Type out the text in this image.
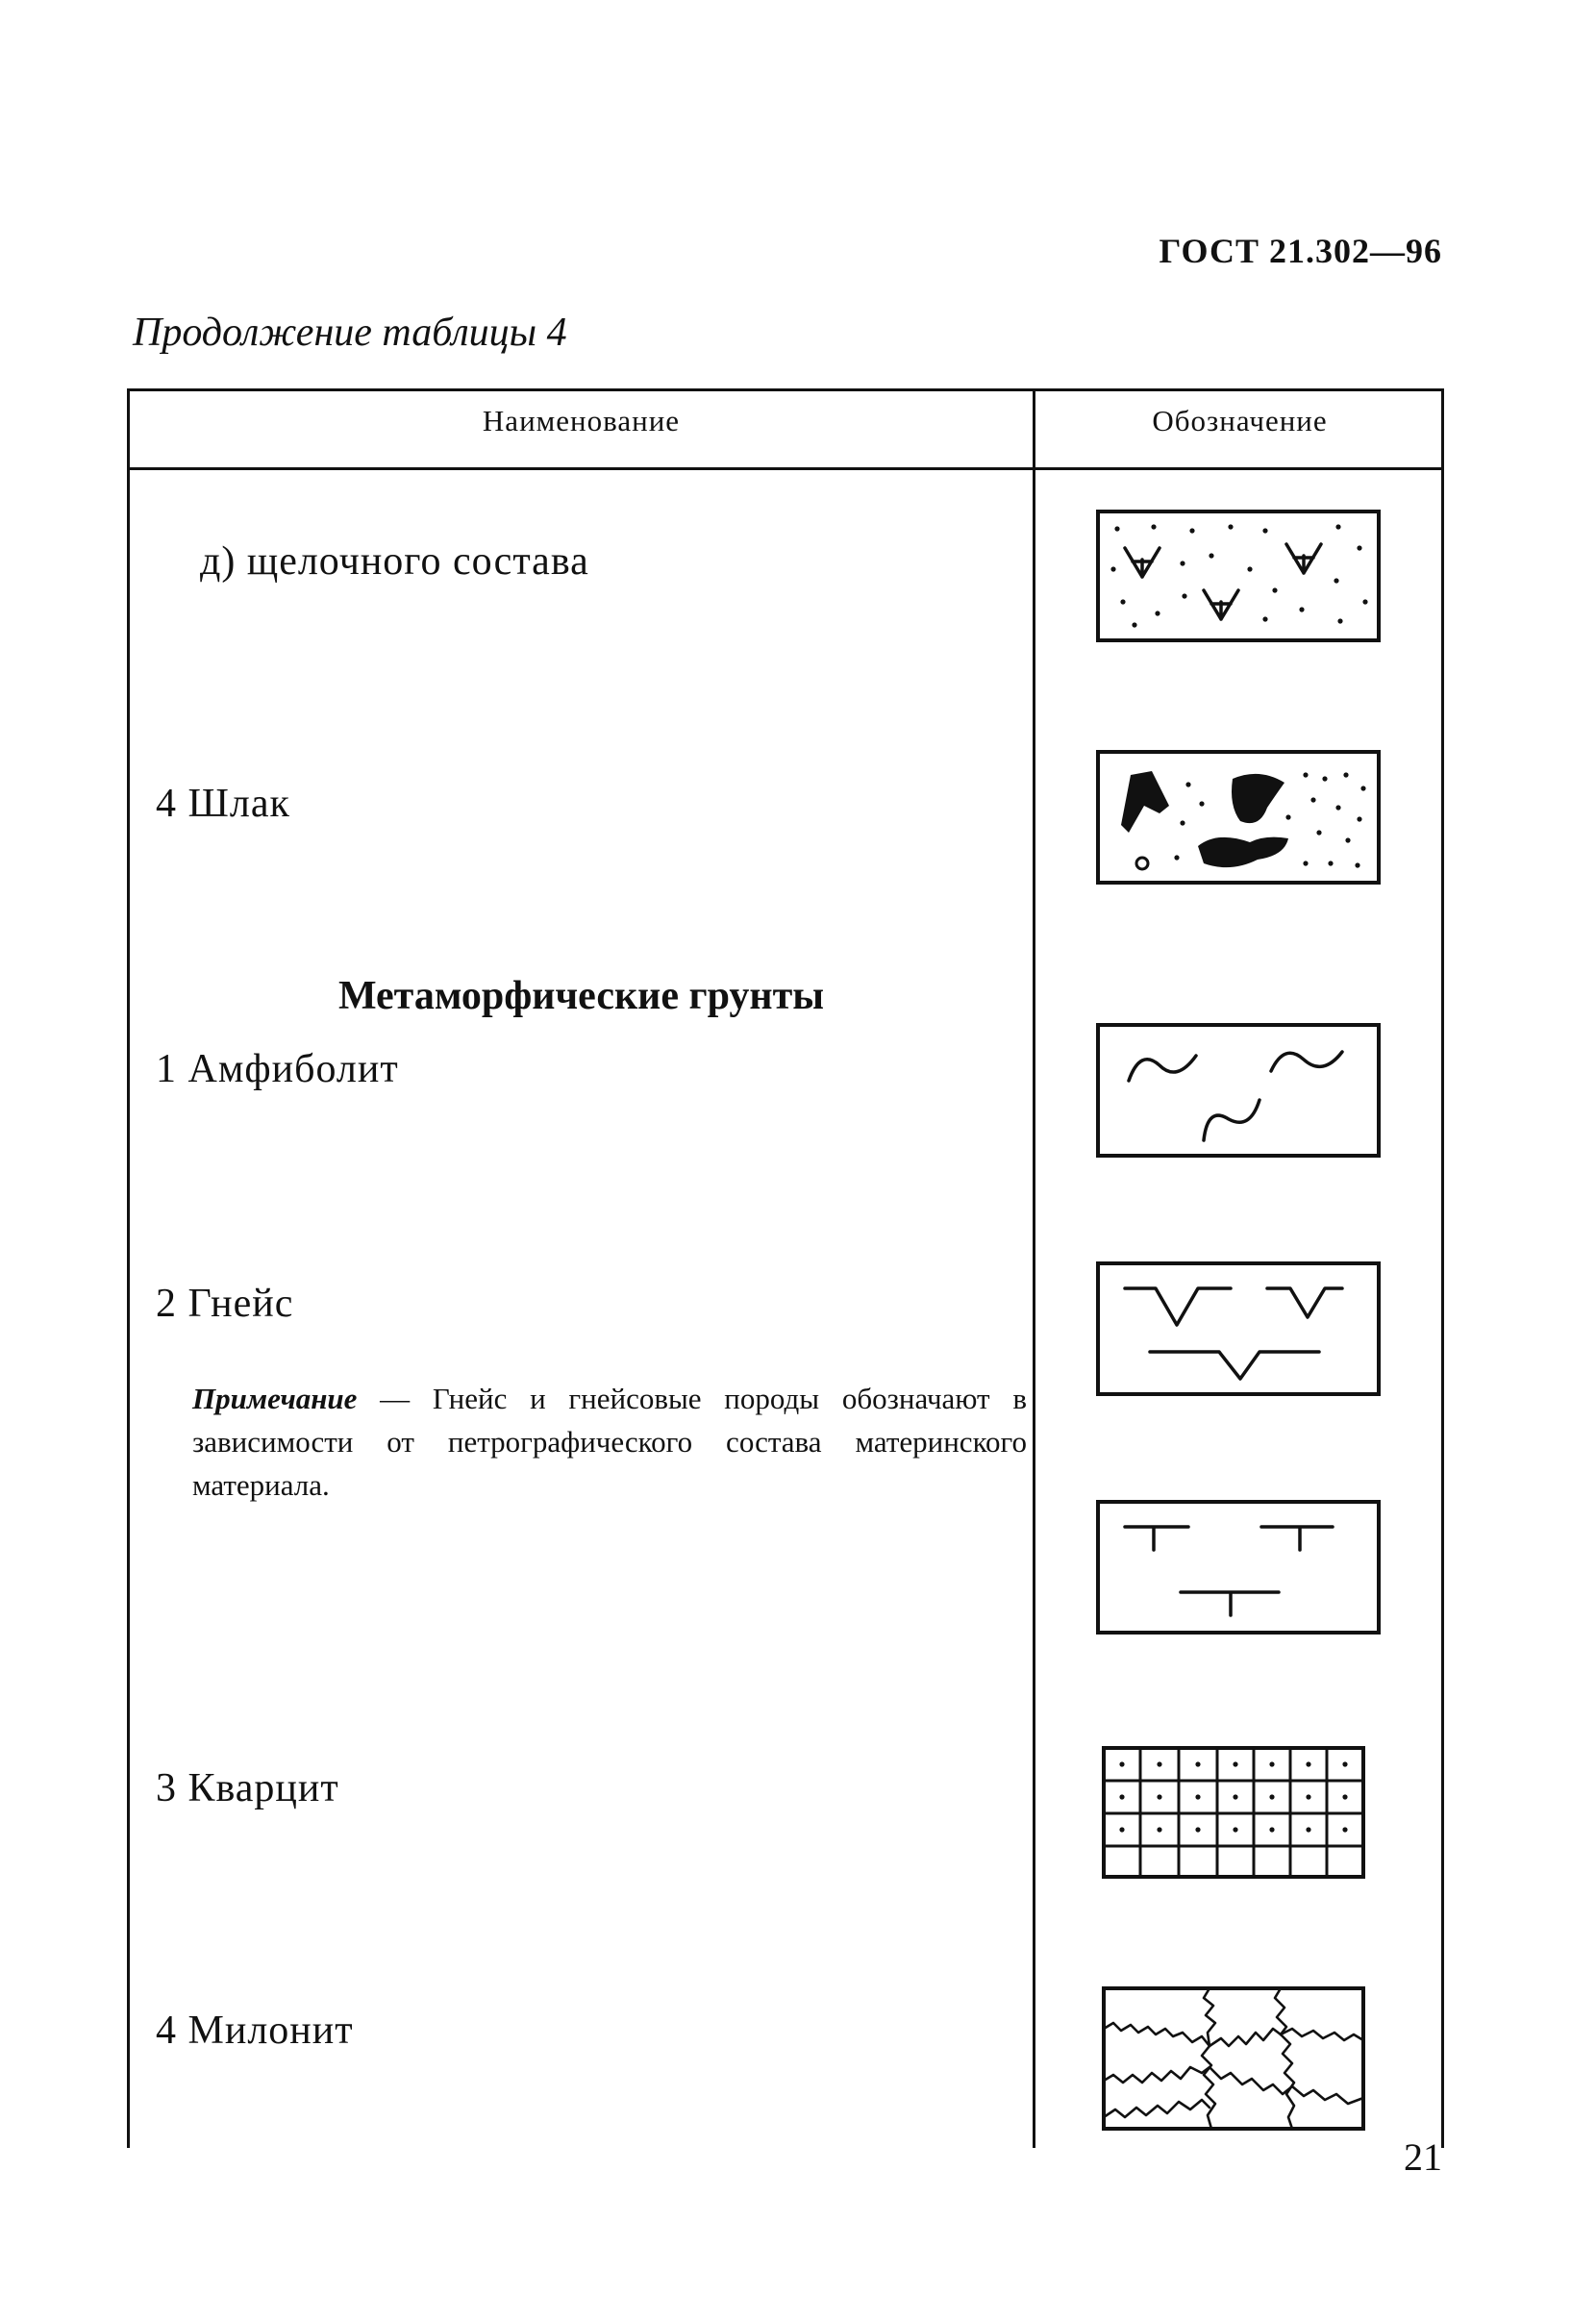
ГОСТ 21.302—96
Продолжение таблицы 4
Наименование	Обозначение
д) щелочного состава
4 Шлак
Метаморфические грунты
1 Амфиболит
2 Гнейс
Примечание — Гнейс и гнейсовые породы обозначают в зависимости от петрографического состава материнского материала.
3 Кварцит
4 Милонит
21
